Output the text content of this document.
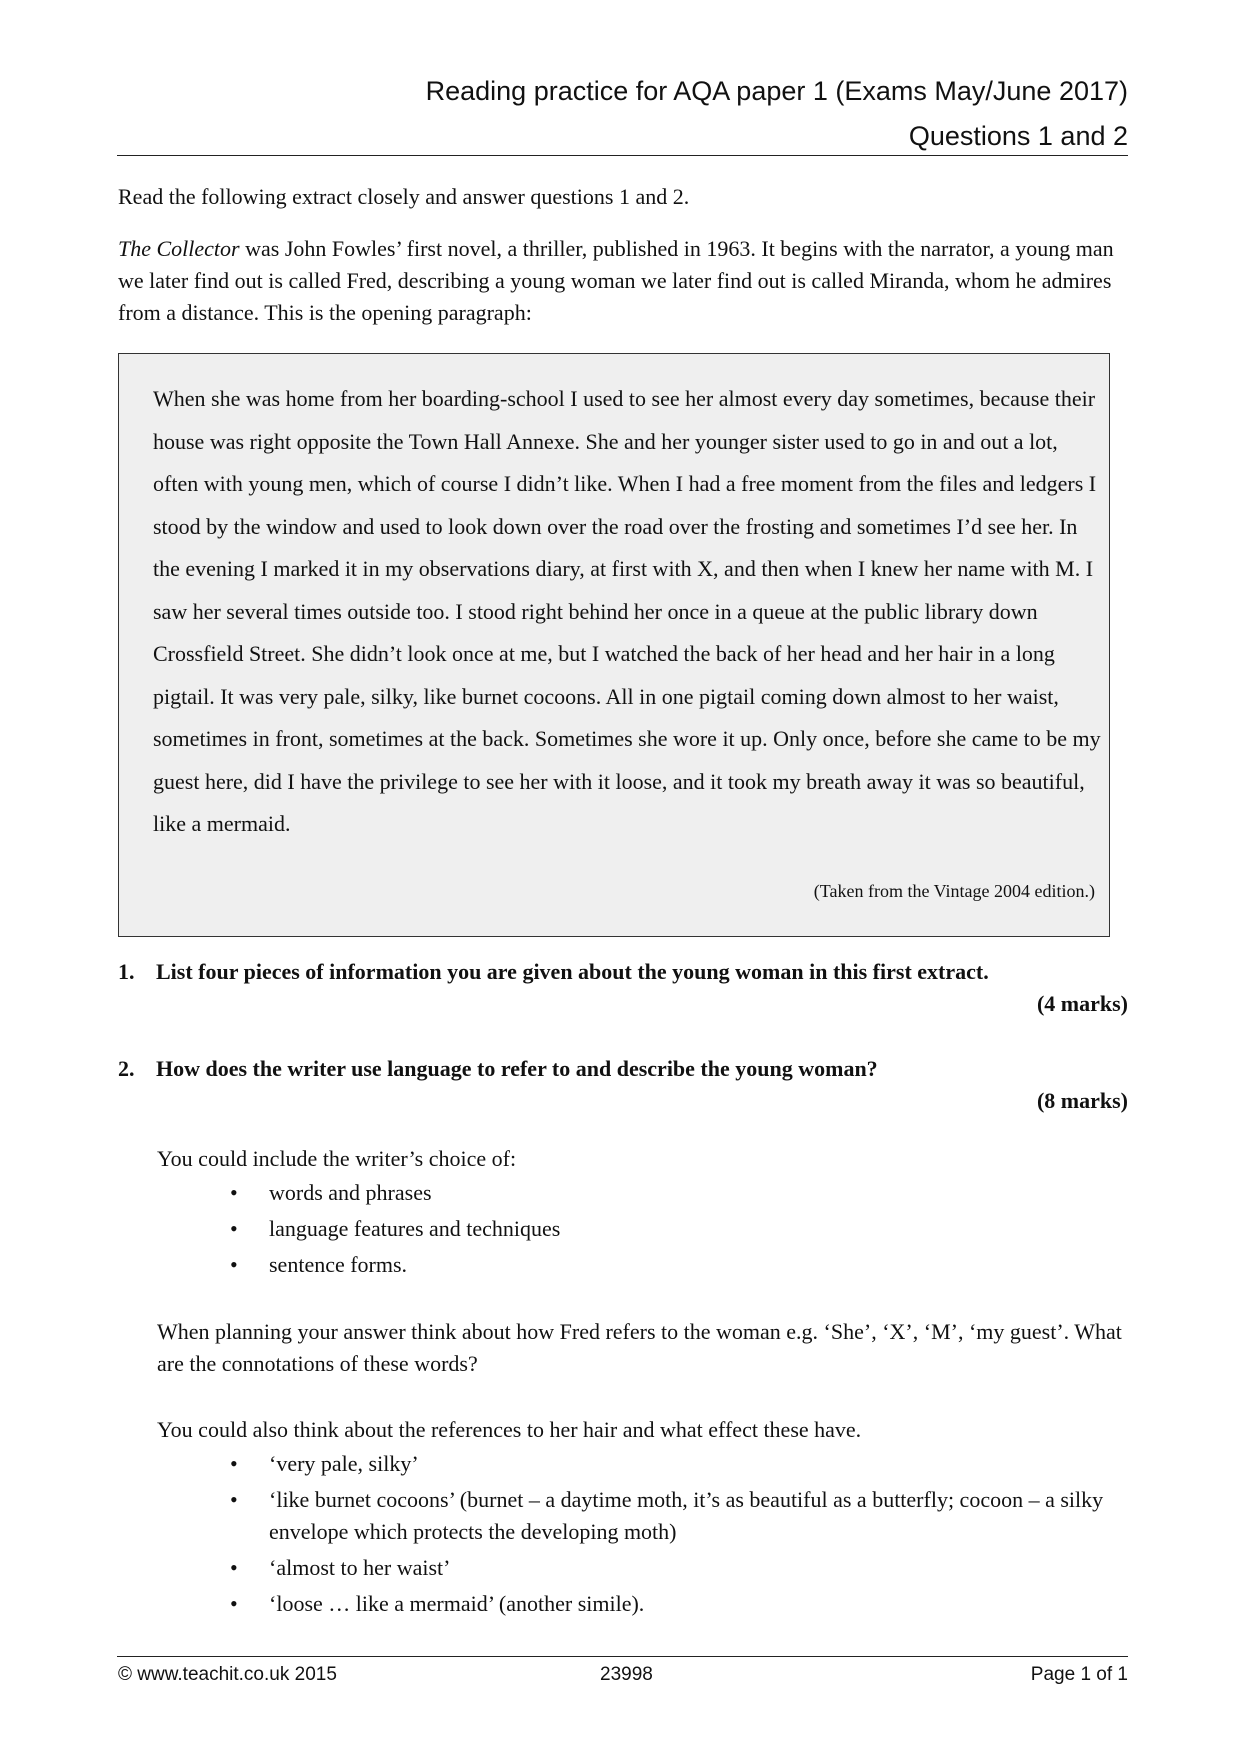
Reading practice for AQA paper 1 (Exams May/June 2017)
Questions 1 and 2
Read the following extract closely and answer questions 1 and 2.
The Collector was John Fowles’ first novel, a thriller, published in 1963. It begins with the narrator, a young man we later find out is called Fred, describing a young woman we later find out is called Miranda, whom he admires from a distance. This is the opening paragraph:
When she was home from her boarding-school I used to see her almost every day sometimes, because their house was right opposite the Town Hall Annexe. She and her younger sister used to go in and out a lot, often with young men, which of course I didn’t like. When I had a free moment from the files and ledgers I stood by the window and used to look down over the road over the frosting and sometimes I’d see her. In the evening I marked it in my observations diary, at first with X, and then when I knew her name with M. I saw her several times outside too. I stood right behind her once in a queue at the public library down Crossfield Street. She didn’t look once at me, but I watched the back of her head and her hair in a long pigtail. It was very pale, silky, like burnet cocoons. All in one pigtail coming down almost to her waist, sometimes in front, sometimes at the back. Sometimes she wore it up. Only once, before she came to be my guest here, did I have the privilege to see her with it loose, and it took my breath away it was so beautiful, like a mermaid.
(Taken from the Vintage 2004 edition.)
1. List four pieces of information you are given about the young woman in this first extract.
(4 marks)
2. How does the writer use language to refer to and describe the young woman?
(8 marks)
You could include the writer’s choice of:
• words and phrases
• language features and techniques
• sentence forms.
When planning your answer think about how Fred refers to the woman e.g. ‘She’, ‘X’, ‘M’, ‘my guest’. What are the connotations of these words?
You could also think about the references to her hair and what effect these have.
• ‘very pale, silky’
• ‘like burnet cocoons’ (burnet – a daytime moth, it’s as beautiful as a butterfly; cocoon – a silky envelope which protects the developing moth)
• ‘almost to her waist’
• ‘loose … like a mermaid’ (another simile).
© www.teachit.co.uk 2015	23998	Page 1 of 1
